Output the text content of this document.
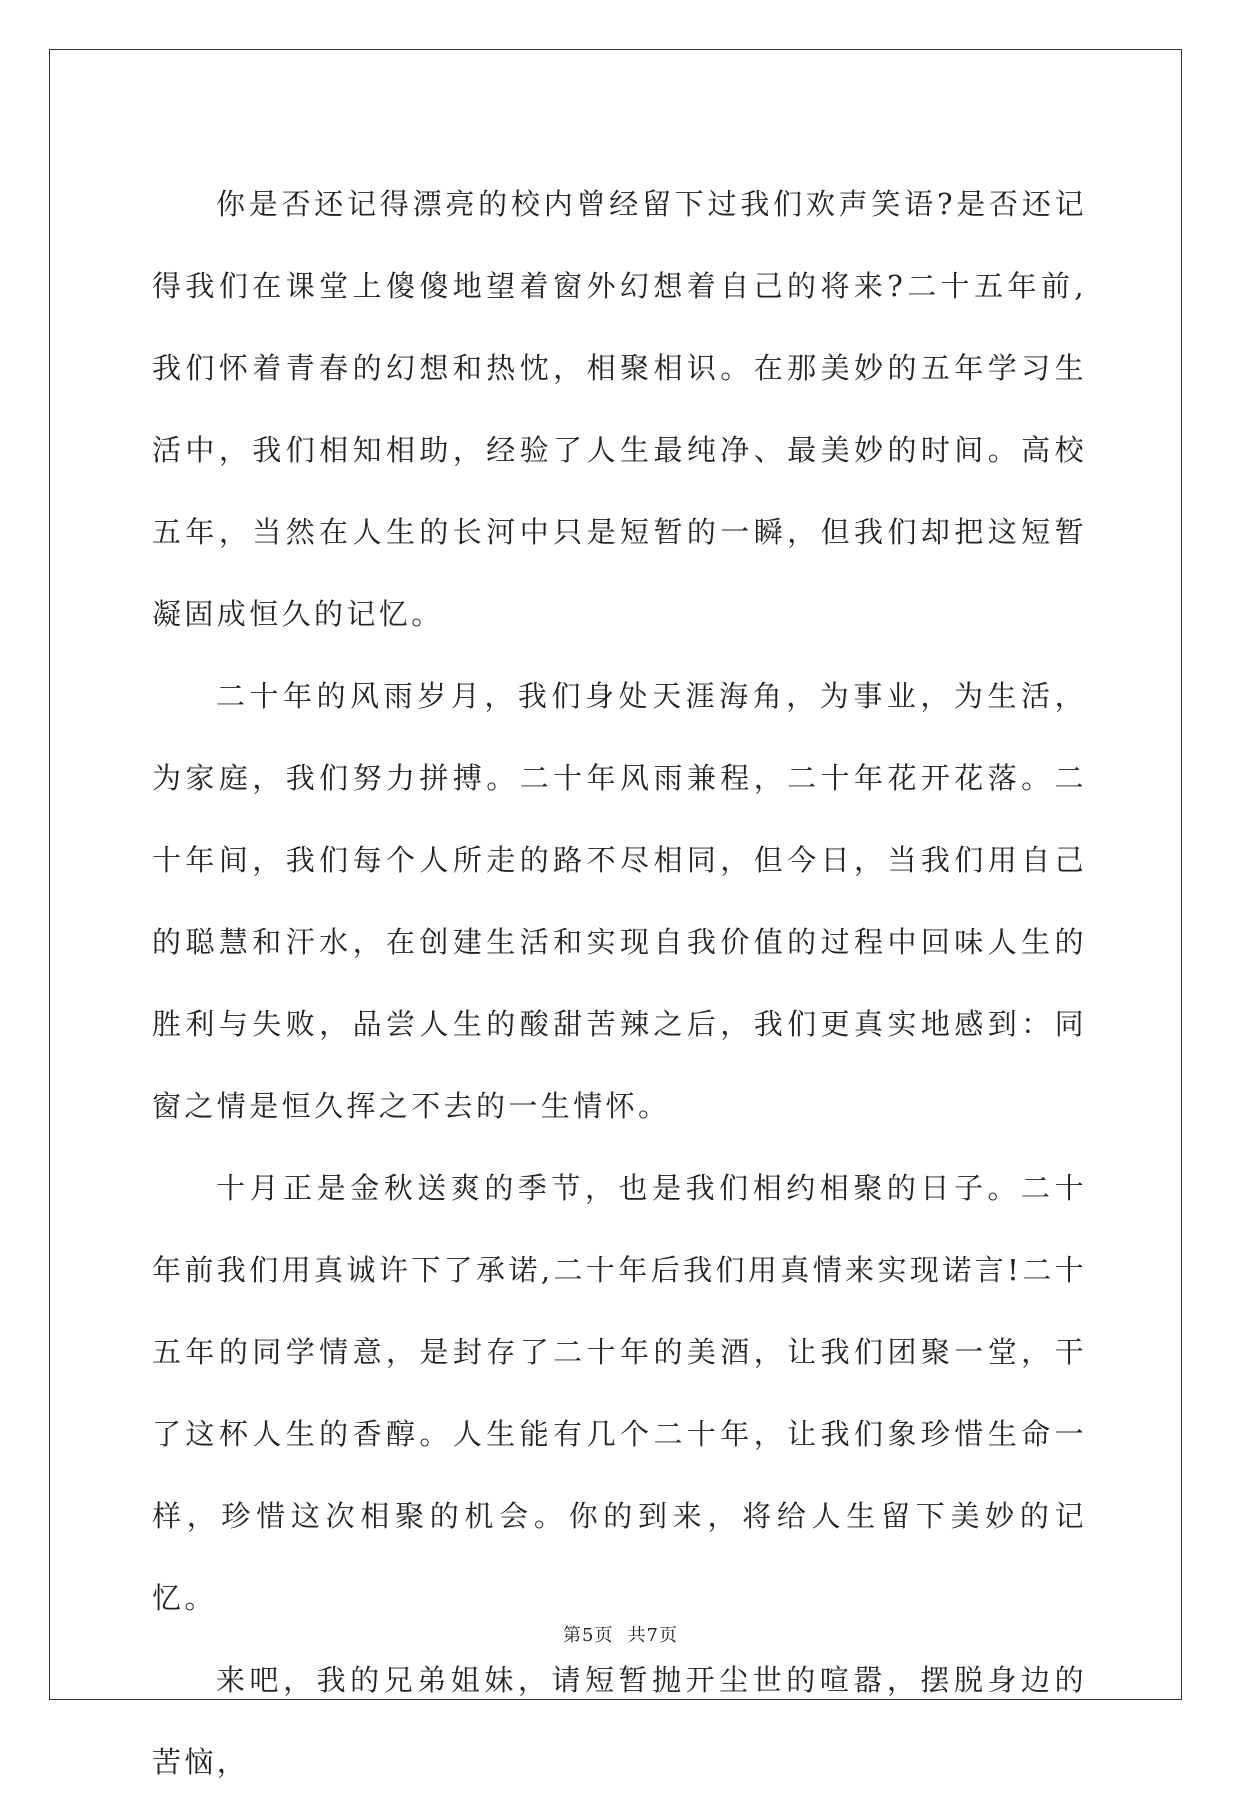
你是否还记得漂亮的校内曾经留下过我们欢声笑语?是否还记得我们在课堂上傻傻地望着窗外幻想着自己的将来?二十五年前,我们怀着青春的幻想和热忱，相聚相识。在那美妙的五年学习生活中，我们相知相助，经验了人生最纯净、最美妙的时间。高校五年，当然在人生的长河中只是短暂的一瞬，但我们却把这短暂凝固成恒久的记忆。

二十年的风雨岁月，我们身处天涯海角，为事业，为生活，为家庭，我们努力拼搏。二十年风雨兼程，二十年花开花落。二十年间，我们每个人所走的路不尽相同，但今日，当我们用自己的聪慧和汗水，在创建生活和实现自我价值的过程中回味人生的胜利与失败，品尝人生的酸甜苦辣之后，我们更真实地感到：同窗之情是恒久挥之不去的一生情怀。

十月正是金秋送爽的季节，也是我们相约相聚的日子。二十年前我们用真诚许下了承诺,二十年后我们用真情来实现诺言!二十五年的同学情意，是封存了二十年的美酒，让我们团聚一堂，干了这杯人生的香醇。人生能有几个二十年，让我们象珍惜生命一样，珍惜这次相聚的机会。你的到来，将给人生留下美妙的记忆。

来吧，我的兄弟姐妹，请短暂抛开尘世的喧嚣，摆脱身边的苦恼，

第5页 共7页
